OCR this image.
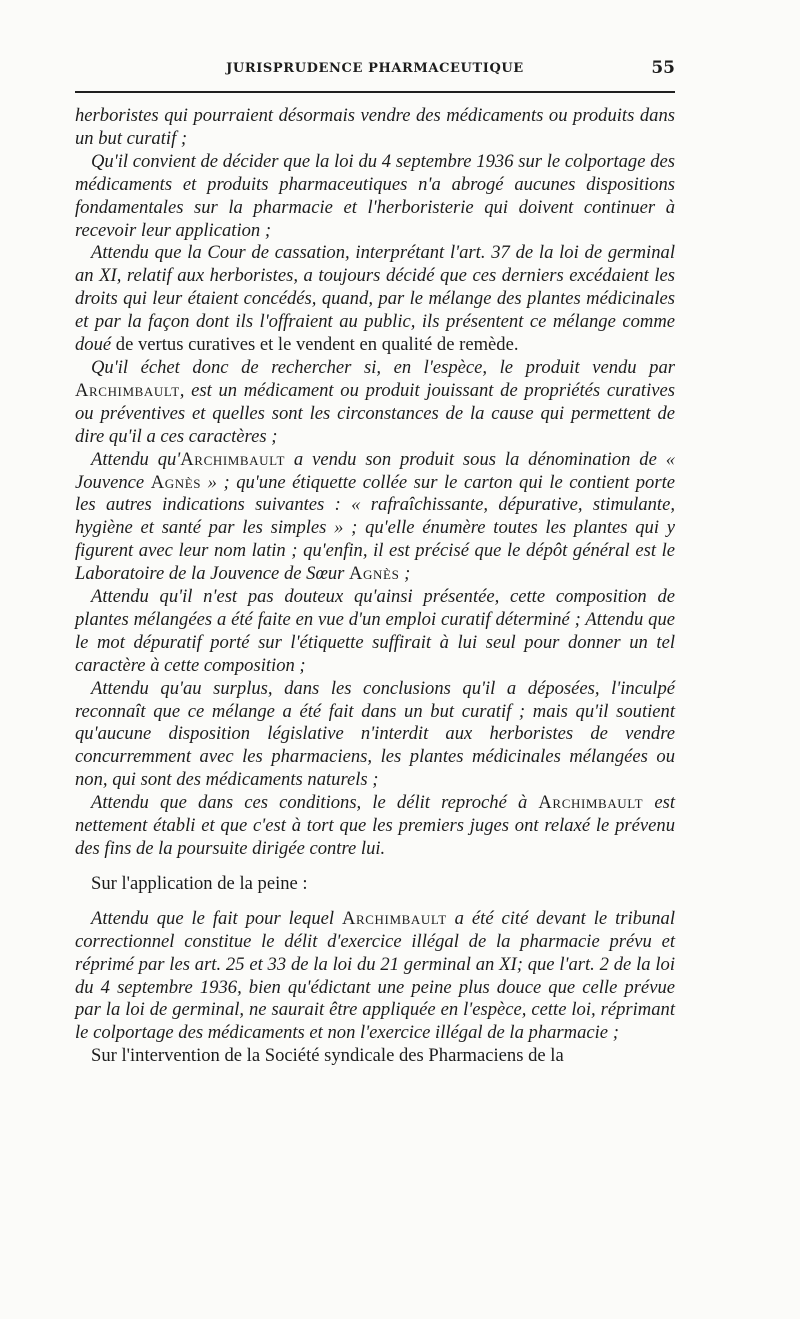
JURISPRUDENCE PHARMACEUTIQUE	55

herboristes qui pourraient désormais vendre des médicaments ou produits dans un but curatif ;

Qu'il convient de décider que la loi du 4 septembre 1936 sur le colportage des médicaments et produits pharmaceutiques n'a abrogé aucunes dispositions fondamentales sur la pharmacie et l'herboristerie qui doivent continuer à recevoir leur application ;

Attendu que la Cour de cassation, interprétant l'art. 37 de la loi de germinal an XI, relatif aux herboristes, a toujours décidé que ces derniers excédaient les droits qui leur étaient concédés, quand, par le mélange des plantes médicinales et par la façon dont ils l'offraient au public, ils présentent ce mélange comme doué de vertus curatives et le vendent en qualité de remède.

Qu'il échet donc de rechercher si, en l'espèce, le produit vendu par Archimbault, est un médicament ou produit jouissant de propriétés curatives ou préventives et quelles sont les circonstances de la cause qui permettent de dire qu'il a ces caractères ;

Attendu qu'Archimbault a vendu son produit sous la dénomination de « Jouvence Agnès » ; qu'une étiquette collée sur le carton qui le contient porte les autres indications suivantes : « rafraîchissante, dépurative, stimulante, hygiène et santé par les simples » ; qu'elle énumère toutes les plantes qui y figurent avec leur nom latin ; qu'enfin, il est précisé que le dépôt général est le Laboratoire de la Jouvence de Sœur Agnès ;

Attendu qu'il n'est pas douteux qu'ainsi présentée, cette composition de plantes mélangées a été faite en vue d'un emploi curatif déterminé ; Attendu que le mot dépuratif porté sur l'étiquette suffirait à lui seul pour donner un tel caractère à cette composition ;

Attendu qu'au surplus, dans les conclusions qu'il a déposées, l'inculpé reconnaît que ce mélange a été fait dans un but curatif ; mais qu'il soutient qu'aucune disposition législative n'interdit aux herboristes de vendre concurremment avec les pharmaciens, les plantes médicinales mélangées ou non, qui sont des médicaments naturels ;

Attendu que dans ces conditions, le délit reproché à Archimbault est nettement établi et que c'est à tort que les premiers juges ont relaxé le prévenu des fins de la poursuite dirigée contre lui.

Sur l'application de la peine :

Attendu que le fait pour lequel Archimbault a été cité devant le tribunal correctionnel constitue le délit d'exercice illégal de la pharmacie prévu et réprimé par les art. 25 et 33 de la loi du 21 germinal an XI; que l'art. 2 de la loi du 4 septembre 1936, bien qu'édictant une peine plus douce que celle prévue par la loi de germinal, ne saurait être appliquée en l'espèce, cette loi, réprimant le colportage des médicaments et non l'exercice illégal de la pharmacie ;

Sur l'intervention de la Société syndicale des Pharmaciens de la
